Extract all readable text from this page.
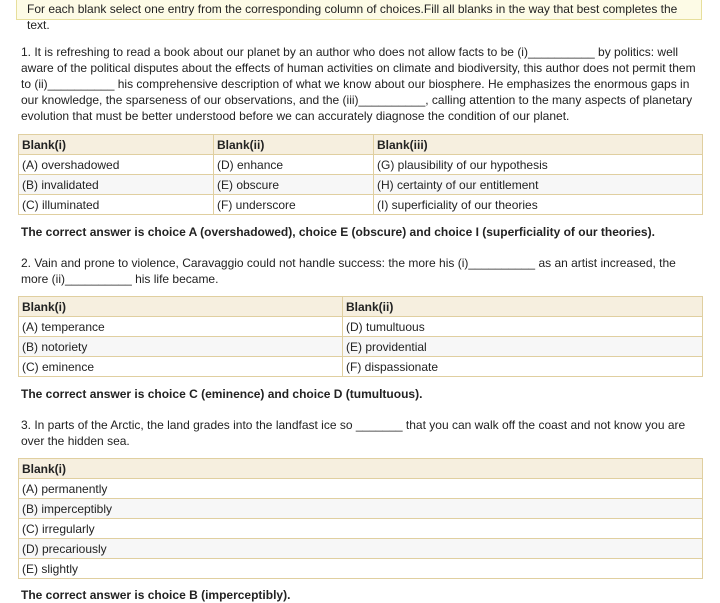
For each blank select one entry from the corresponding column of choices.Fill all blanks in the way that best completes the text.

1. It is refreshing to read a book about our planet by an author who does not allow facts to be (i)__________ by politics: well aware of the political disputes about the effects of human activities on climate and biodiversity, this author does not permit them to (ii)__________ his comprehensive description of what we know about our biosphere. He emphasizes the enormous gaps in our knowledge, the sparseness of our observations, and the (iii)__________, calling attention to the many aspects of planetary evolution that must be better understood before we can accurately diagnose the condition of our planet.

Blank(i)	Blank(ii)	Blank(iii)
(A) overshadowed	(D) enhance	(G) plausibility of our hypothesis
(B) invalidated	(E) obscure	(H) certainty of our entitlement
(C) illuminated	(F) underscore	(I) superficiality of our theories

The correct answer is choice A (overshadowed), choice E (obscure) and choice I (superficiality of our theories).

2. Vain and prone to violence, Caravaggio could not handle success: the more his (i)__________ as an artist increased, the more (ii)__________ his life became.

Blank(i)	Blank(ii)
(A) temperance	(D) tumultuous
(B) notoriety	(E) providential
(C) eminence	(F) dispassionate

The correct answer is choice C (eminence) and choice D (tumultuous).

3. In parts of the Arctic, the land grades into the landfast ice so _______ that you can walk off the coast and not know you are over the hidden sea.

Blank(i)
(A) permanently
(B) imperceptibly
(C) irregularly
(D) precariously
(E) slightly

The correct answer is choice B (imperceptibly).
